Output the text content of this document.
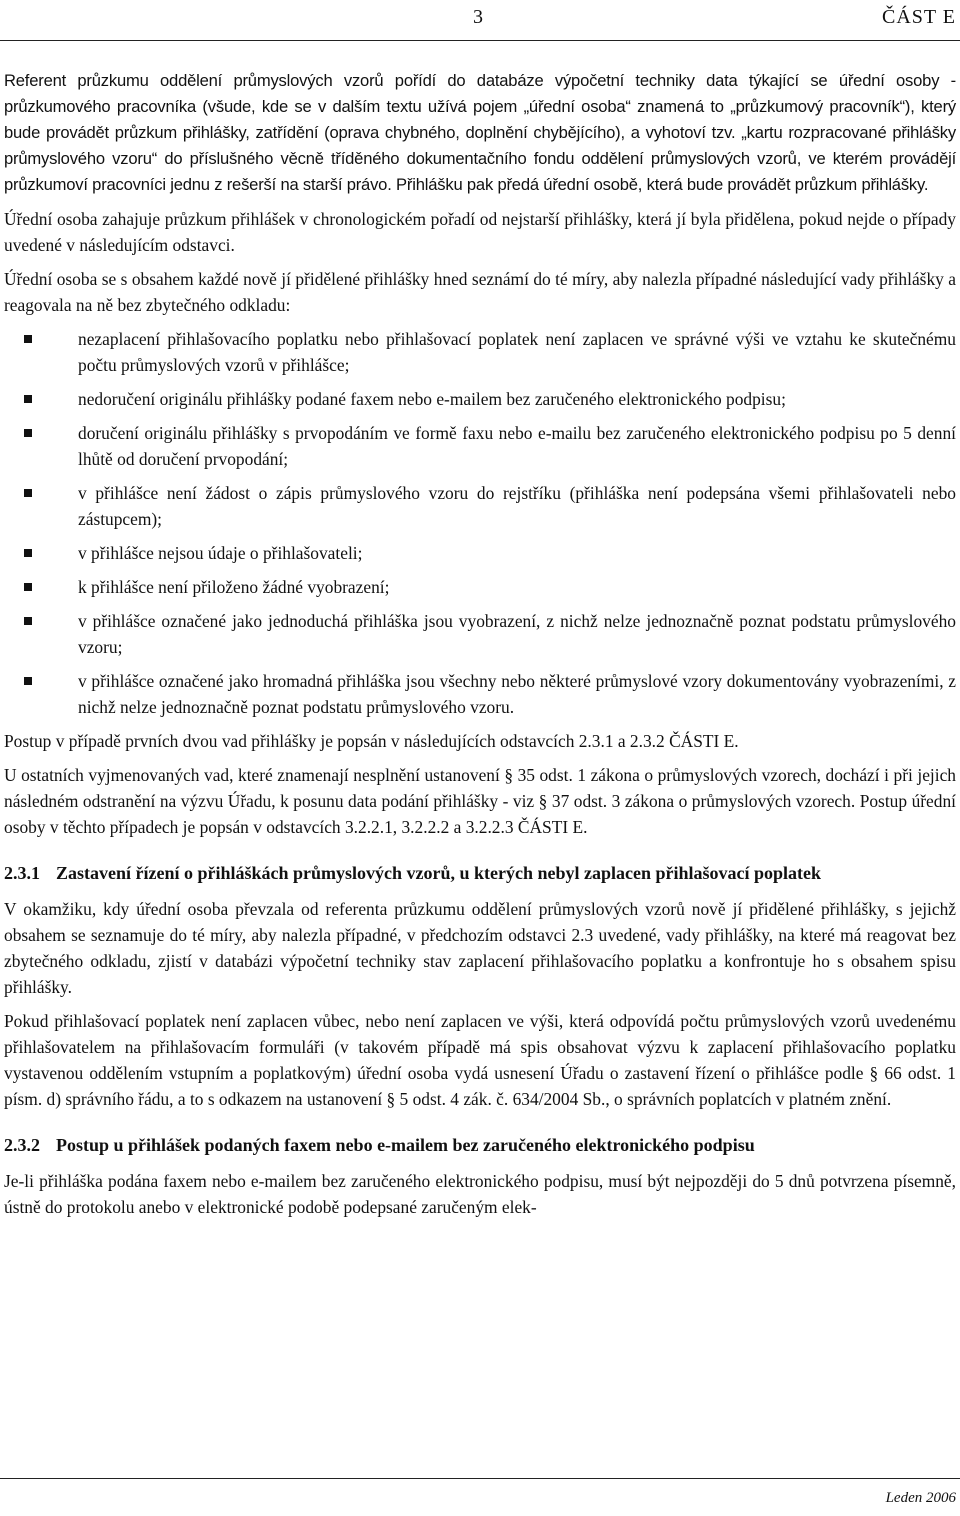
3	ČÁST E

Referent průzkumu oddělení průmyslových vzorů pořídí do databáze výpočetní techniky data týkající se úřední osoby - průzkumového pracovníka (všude, kde se v dalším textu užívá pojem „úřední osoba“ znamená to „průzkumový pracovník“), který bude provádět průzkum přihlášky, zatřídění (oprava chybného, doplnění chybějícího), a vyhotoví tzv. „kartu rozpracované přihlášky průmyslového vzoru“ do příslušného věcně tříděného dokumentačního fondu oddělení průmyslových vzorů, ve kterém provádějí průzkumoví pracovníci jednu z rešerší na starší právo. Přihlášku pak předá úřední osobě, která bude provádět průzkum přihlášky.

Úřední osoba zahajuje průzkum přihlášek v chronologickém pořadí od nejstarší přihlášky, která jí byla přidělena, pokud nejde o případy uvedené v následujícím odstavci.

Úřední osoba se s obsahem každé nově jí přidělené přihlášky hned seznámí do té míry, aby nalezla případné následující vady přihlášky a reagovala na ně bez zbytečného odkladu:

nezaplacení přihlašovacího poplatku nebo přihlašovací poplatek není zaplacen ve správné výši ve vztahu ke skutečnému počtu průmyslových vzorů v přihlášce;
nedoručení originálu přihlášky podané faxem nebo e-mailem bez zaručeného elektronického podpisu;
doručení originálu přihlášky s prvopodáním ve formě faxu nebo e-mailu bez zaručeného elektronického podpisu po 5 denní lhůtě od doručení prvopodání;
v přihlášce není žádost o zápis průmyslového vzoru do rejstříku (přihláška není podepsána všemi přihlašovateli nebo zástupcem);
v přihlášce nejsou údaje o přihlašovateli;
k přihlášce není přiloženo žádné vyobrazení;
v přihlášce označené jako jednoduchá přihláška jsou vyobrazení, z nichž nelze jednoznačně poznat podstatu průmyslového vzoru;
v přihlášce označené jako hromadná přihláška jsou všechny nebo některé průmyslové vzory dokumentovány vyobrazeními, z nichž nelze jednoznačně poznat podstatu průmyslového vzoru.

Postup v případě prvních dvou vad přihlášky je popsán v následujících odstavcích 2.3.1 a 2.3.2 ČÁSTI E.

U ostatních vyjmenovaných vad, které znamenají nesplnění ustanovení § 35 odst. 1 zákona o průmyslových vzorech, dochází i při jejich následném odstranění na výzvu Úřadu, k posunu data podání přihlášky - viz § 37 odst. 3 zákona o průmyslových vzorech. Postup úřední osoby v těchto případech je popsán v odstavcích 3.2.2.1, 3.2.2.2 a 3.2.2.3 ČÁSTI E.

2.3.1 Zastavení řízení o přihláškách průmyslových vzorů, u kterých nebyl zaplacen přihlašovací poplatek

V okamžiku, kdy úřední osoba převzala od referenta průzkumu oddělení průmyslových vzorů nově jí přidělené přihlášky, s jejichž obsahem se seznamuje do té míry, aby nalezla případné, v předchozím odstavci 2.3 uvedené, vady přihlášky, na které má reagovat bez zbytečného odkladu, zjistí v databázi výpočetní techniky stav zaplacení přihlašovacího poplatku a konfrontuje ho s obsahem spisu přihlášky.

Pokud přihlašovací poplatek není zaplacen vůbec, nebo není zaplacen ve výši, která odpovídá počtu průmyslových vzorů uvedenému přihlašovatelem na přihlašovacím formuláři (v takovém případě má spis obsahovat výzvu k zaplacení přihlašovacího poplatku vystavenou oddělením vstupním a poplatkovým) úřední osoba vydá usnesení Úřadu o zastavení řízení o přihlášce podle § 66 odst. 1 písm. d) správního řádu, a to s odkazem na ustanovení § 5 odst. 4 zák. č. 634/2004 Sb., o správních poplatcích v platném znění.

2.3.2 Postup u přihlášek podaných faxem nebo e-mailem bez zaručeného elektronického podpisu

Je-li přihláška podána faxem nebo e-mailem bez zaručeného elektronického podpisu, musí být nejpozději do 5 dnů potvrzena písemně, ústně do protokolu anebo v elektronické podobě podepsané zaručeným elek-

Leden 2006
